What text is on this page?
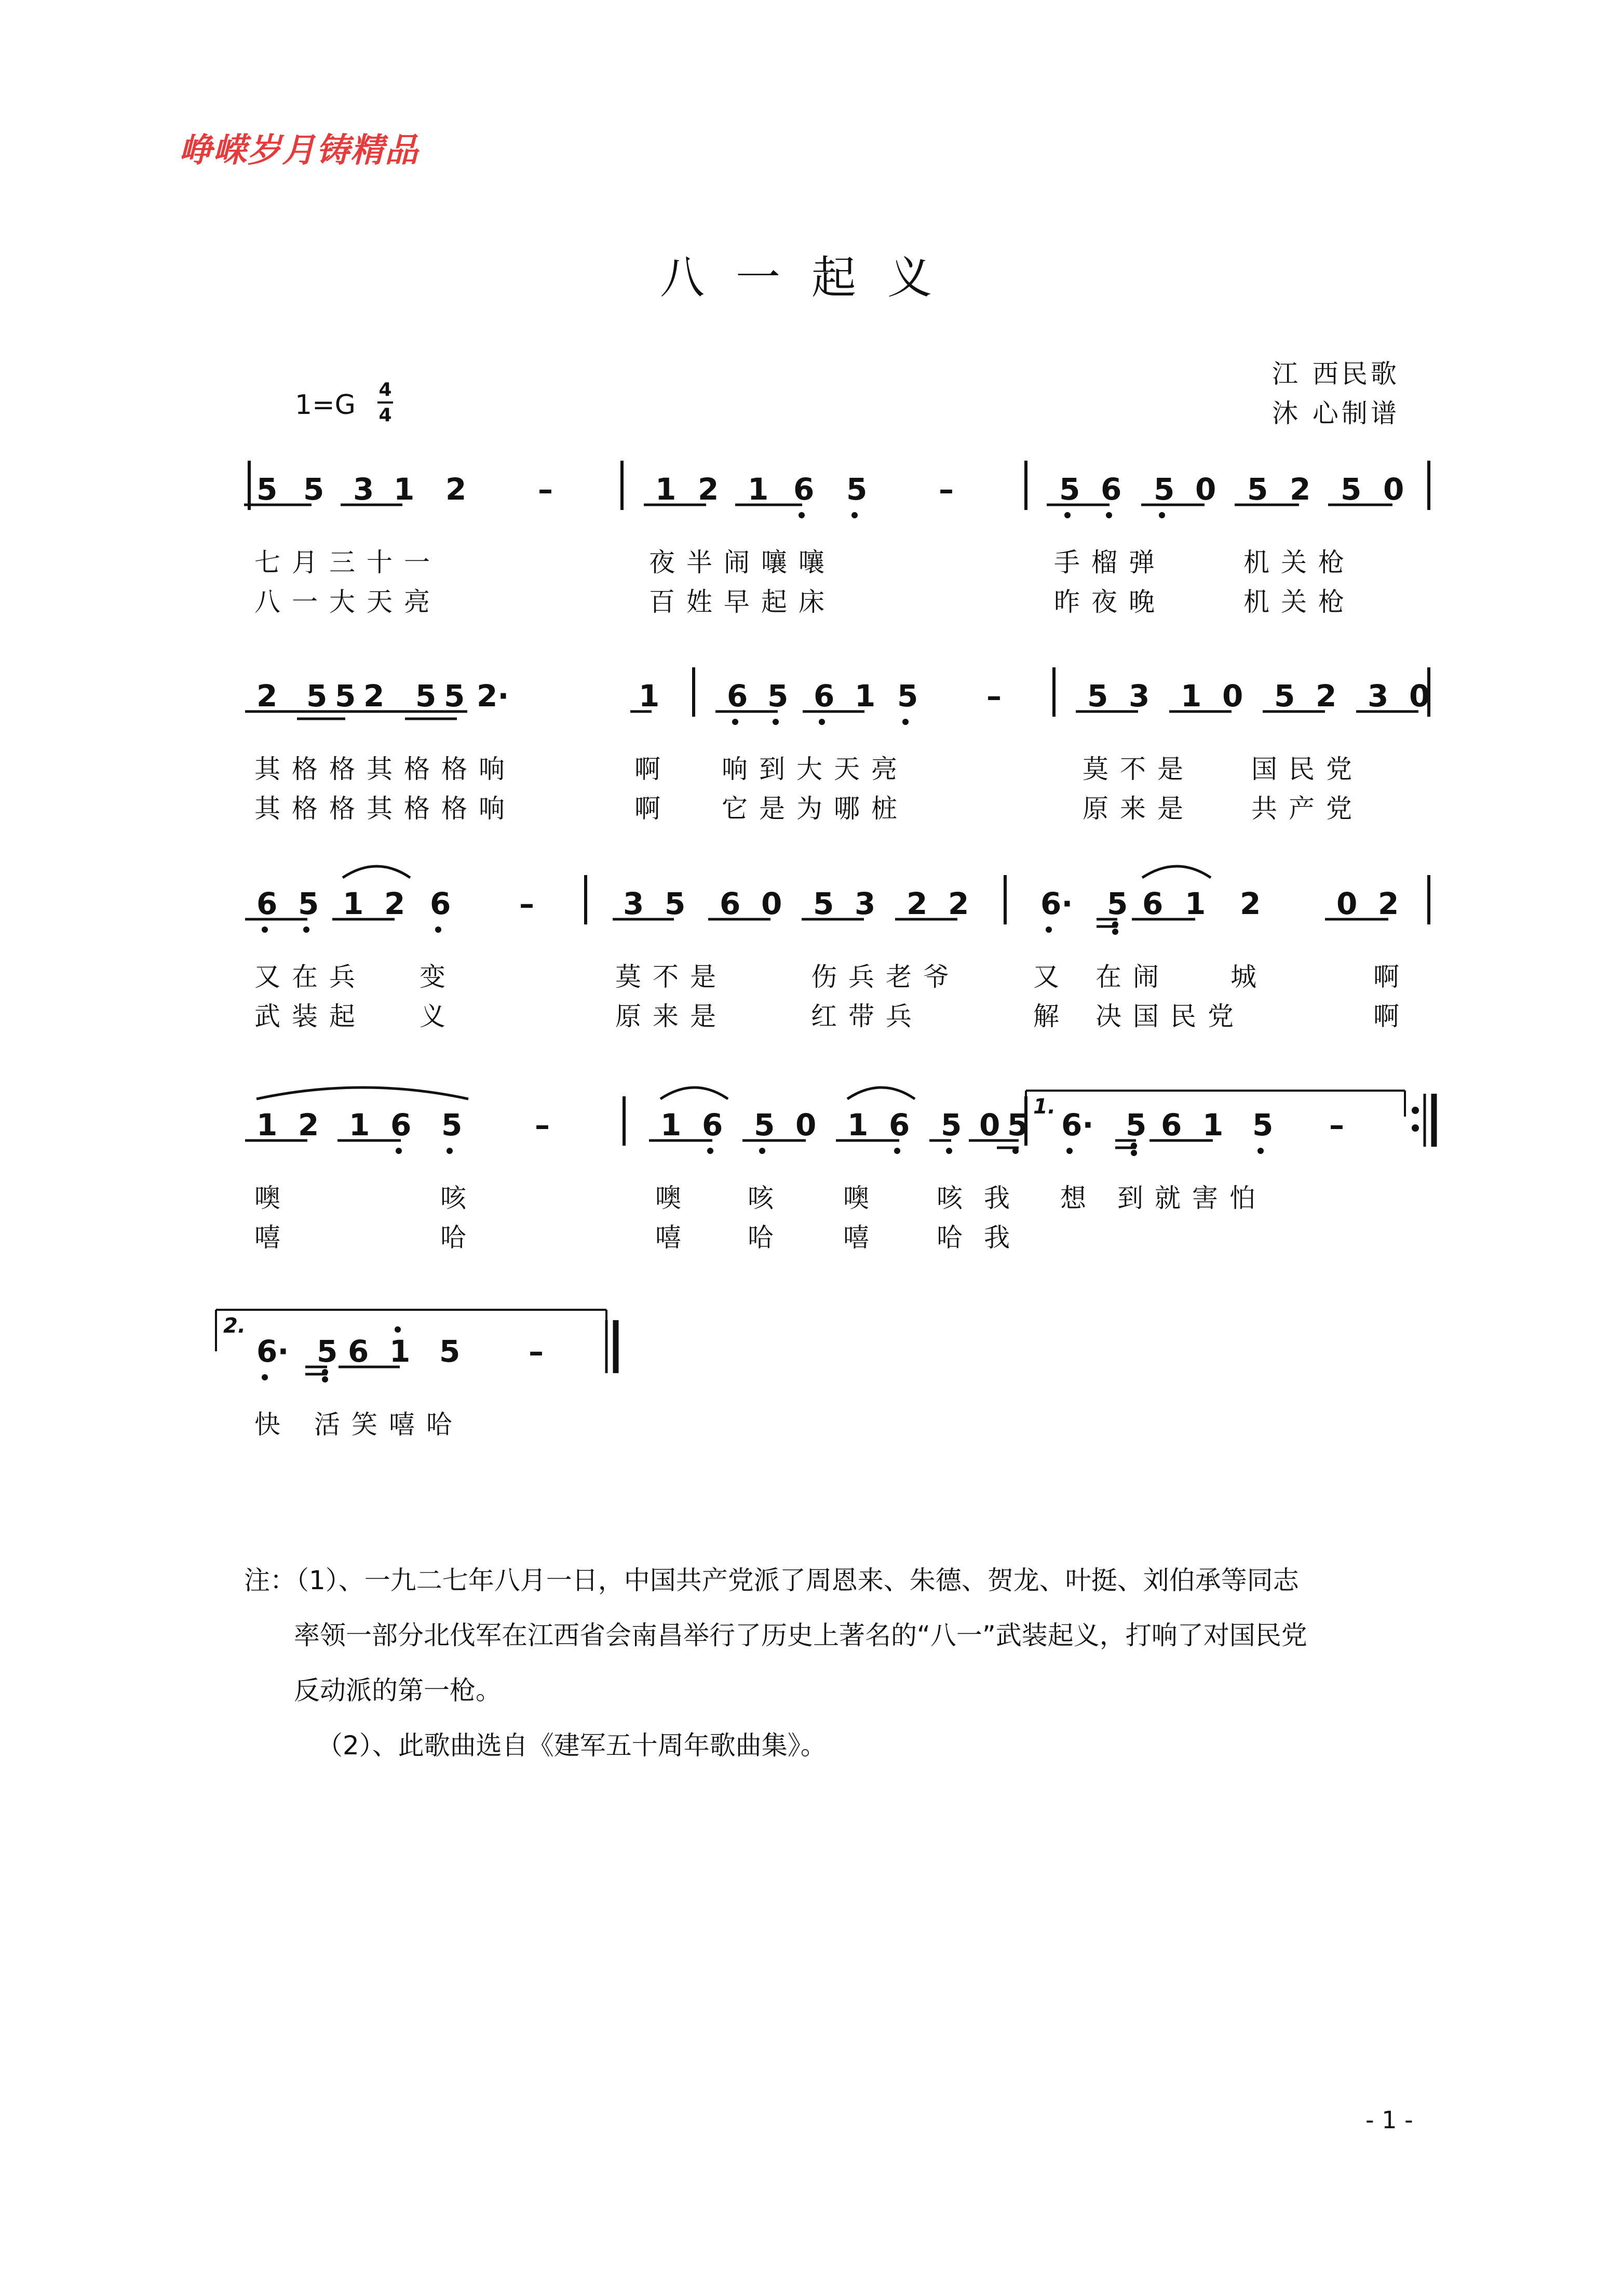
峥嵘岁月铸精品
八一起义
江 西民歌
沐 心制谱
1=G 4
4
5 5 3 1 2 –	1 2 1 6 5 –	5 6 5 0 5 2 5 0
七月三十一	夜半闹嚷嚷	手榴弹	机关枪
八一大天亮	百姓早起床	昨夜晚	机关枪
2 5 5 2 5 5 2·	1 6 5 6 1 5 –	5 3 1 0 5 2 3 0
其格格其格格响	啊 响到大天亮	莫不是 国民党
其格格其格格响	啊 它是为哪桩	原来是 共产党
6 5 1 2 6 –	3 5 6 0 5 3 2 2 6· 5 6 1 2	0 2
又在兵 变	莫不是	伤兵老爷	又 在闹 城	啊
武装起 义	原来是	红带兵	解 决国民党	啊
1 2 1 6 5 –	1 6 5 0 1 6 5 0 5 6· 5 6 1 5 –
1.
噢	咳	噢 咳 噢 咳 我 想 到就害怕
嘻	哈	嘻 哈 嘻 哈 我
6· 5 6 1 5 –
2.
快 活笑嘻哈
注：（1）、一九二七年八月一日，中国共产党派了周恩来、朱德、贺龙、叶挺、刘伯承等同志
率领一部分北伐军在江西省会南昌举行了历史上著名的“八一”武装起义，打响了对国民党
反动派的第一枪。
（2）、此歌曲选自《建军五十周年歌曲集》。
- 1 -
